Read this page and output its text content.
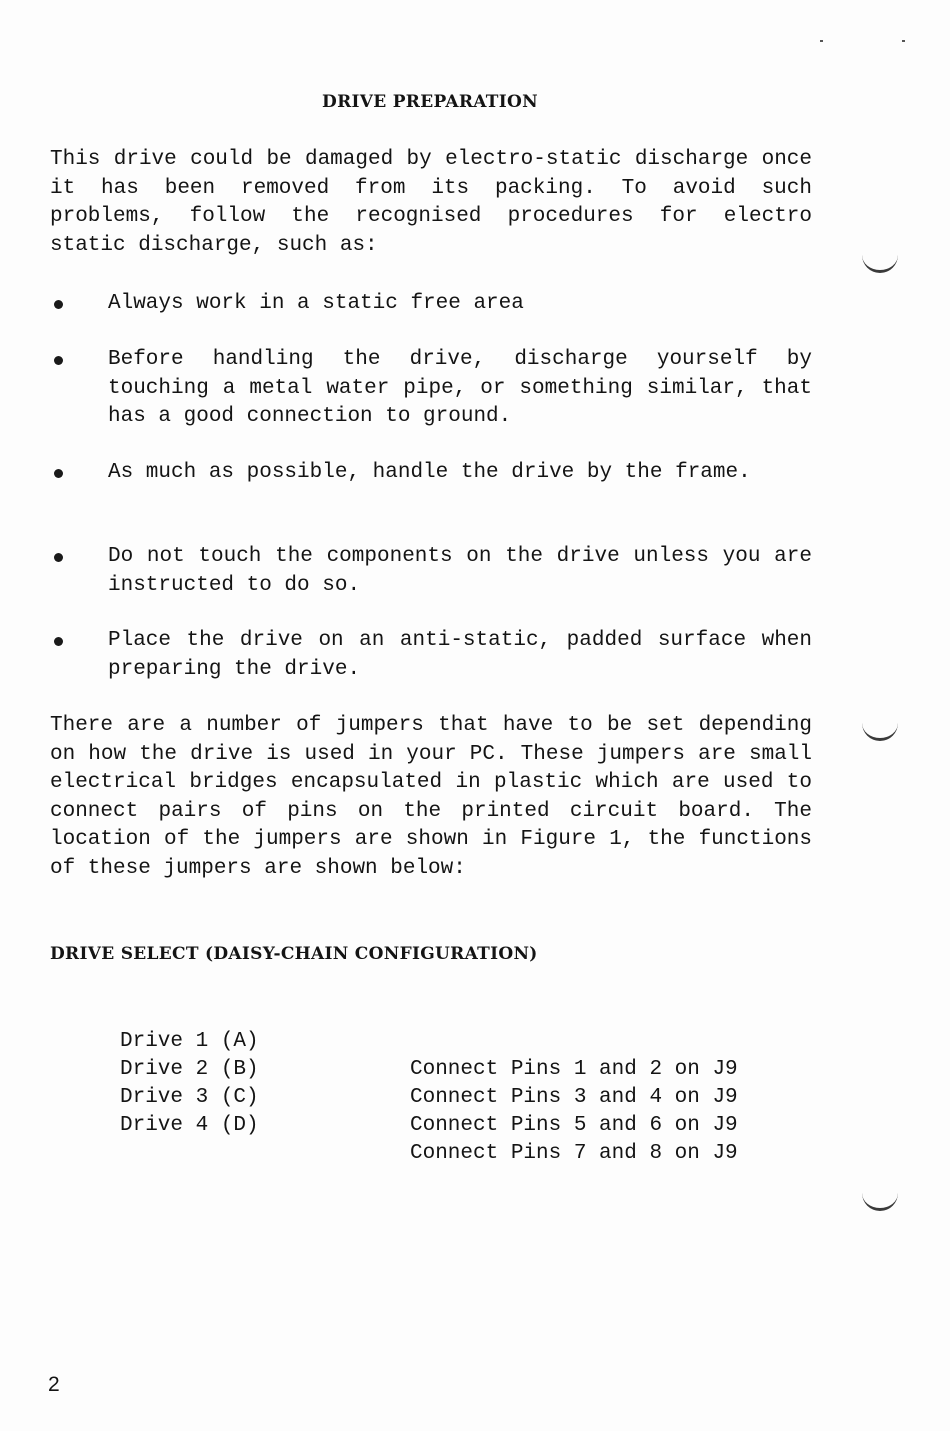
DRIVE PREPARATION
This drive could be damaged by electro-static discharge once it has been removed from its packing. To avoid such problems, follow the recognised procedures for electro static discharge, such as:
Always work in a static free area
Before handling the drive, discharge yourself by touching a metal water pipe, or something similar, that has a good connection to ground.
As much as possible, handle the drive by the frame.
Do not touch the components on the drive unless you are instructed to do so.
Place the drive on an anti-static, padded surface when preparing the drive.
There are a number of jumpers that have to be set depending on how the drive is used in your PC. These jumpers are small electrical bridges encapsulated in plastic which are used to connect pairs of pins on the printed circuit board. The location of the jumpers are shown in Figure 1, the functions of these jumpers are shown below:
DRIVE SELECT (DAISY-CHAIN CONFIGURATION)

Drive 1 (A)

Connect Pins 1 and 2 on J9

Drive 2 (B)

Connect Pins 3 and 4 on J9

Drive 3 (C)

Connect Pins 5 and 6 on J9

Drive 4 (D)

Connect Pins 7 and 8 on J9

2
